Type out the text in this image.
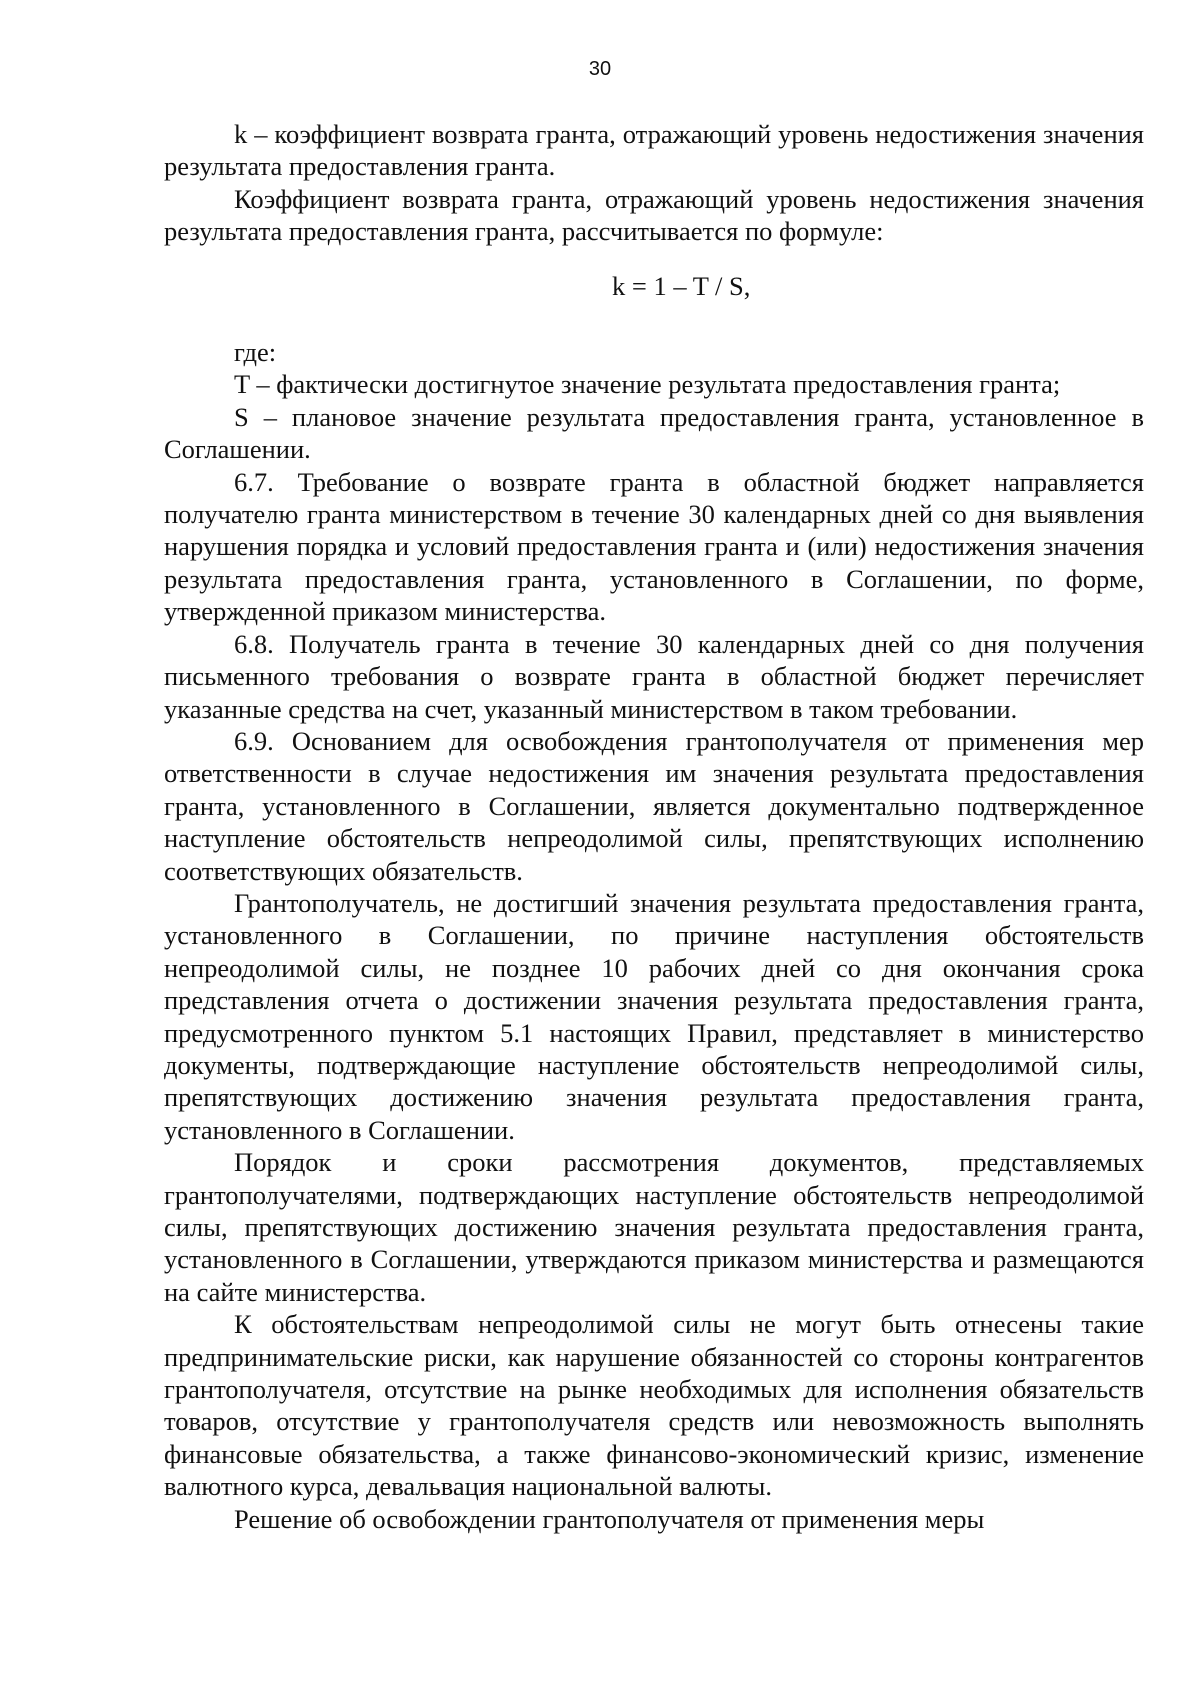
30

k – коэффициент возврата гранта, отражающий уровень недостижения значения результата предоставления гранта.

Коэффициент возврата гранта, отражающий уровень недостижения значения результата предоставления гранта, рассчитывается по формуле:

k = 1 – T / S,

где:

T – фактически достигнутое значение результата предоставления гранта;

S – плановое значение результата предоставления гранта, установленное в Соглашении.

6.7. Требование о возврате гранта в областной бюджет направляется получателю гранта министерством в течение 30 календарных дней со дня выявления нарушения порядка и условий предоставления гранта и (или) недостижения значения результата предоставления гранта, установленного в Соглашении, по форме, утвержденной приказом министерства.

6.8. Получатель гранта в течение 30 календарных дней со дня получения письменного требования о возврате гранта в областной бюджет перечисляет указанные средства на счет, указанный министерством в таком требовании.

6.9. Основанием для освобождения грантополучателя от применения мер ответственности в случае недостижения им значения результата предоставления гранта, установленного в Соглашении, является документально подтвержденное наступление обстоятельств непреодолимой силы, препятствующих исполнению соответствующих обязательств.

Грантополучатель, не достигший значения результата предоставления гранта, установленного в Соглашении, по причине наступления обстоятельств непреодолимой силы, не позднее 10 рабочих дней со дня окончания срока представления отчета о достижении значения результата предоставления гранта, предусмотренного пунктом 5.1 настоящих Правил, представляет в министерство документы, подтверждающие наступление обстоятельств непреодолимой силы, препятствующих достижению значения результата предоставления гранта, установленного в Соглашении.

Порядок и сроки рассмотрения документов, представляемых грантополучателями, подтверждающих наступление обстоятельств непреодолимой силы, препятствующих достижению значения результата предоставления гранта, установленного в Соглашении, утверждаются приказом министерства и размещаются на сайте министерства.

К обстоятельствам непреодолимой силы не могут быть отнесены такие предпринимательские риски, как нарушение обязанностей со стороны контрагентов грантополучателя, отсутствие на рынке необходимых для исполнения обязательств товаров, отсутствие у грантополучателя средств или невозможность выполнять финансовые обязательства, а также финансово-экономический кризис, изменение валютного курса, девальвация национальной валюты.

Решение об освобождении грантополучателя от применения меры
